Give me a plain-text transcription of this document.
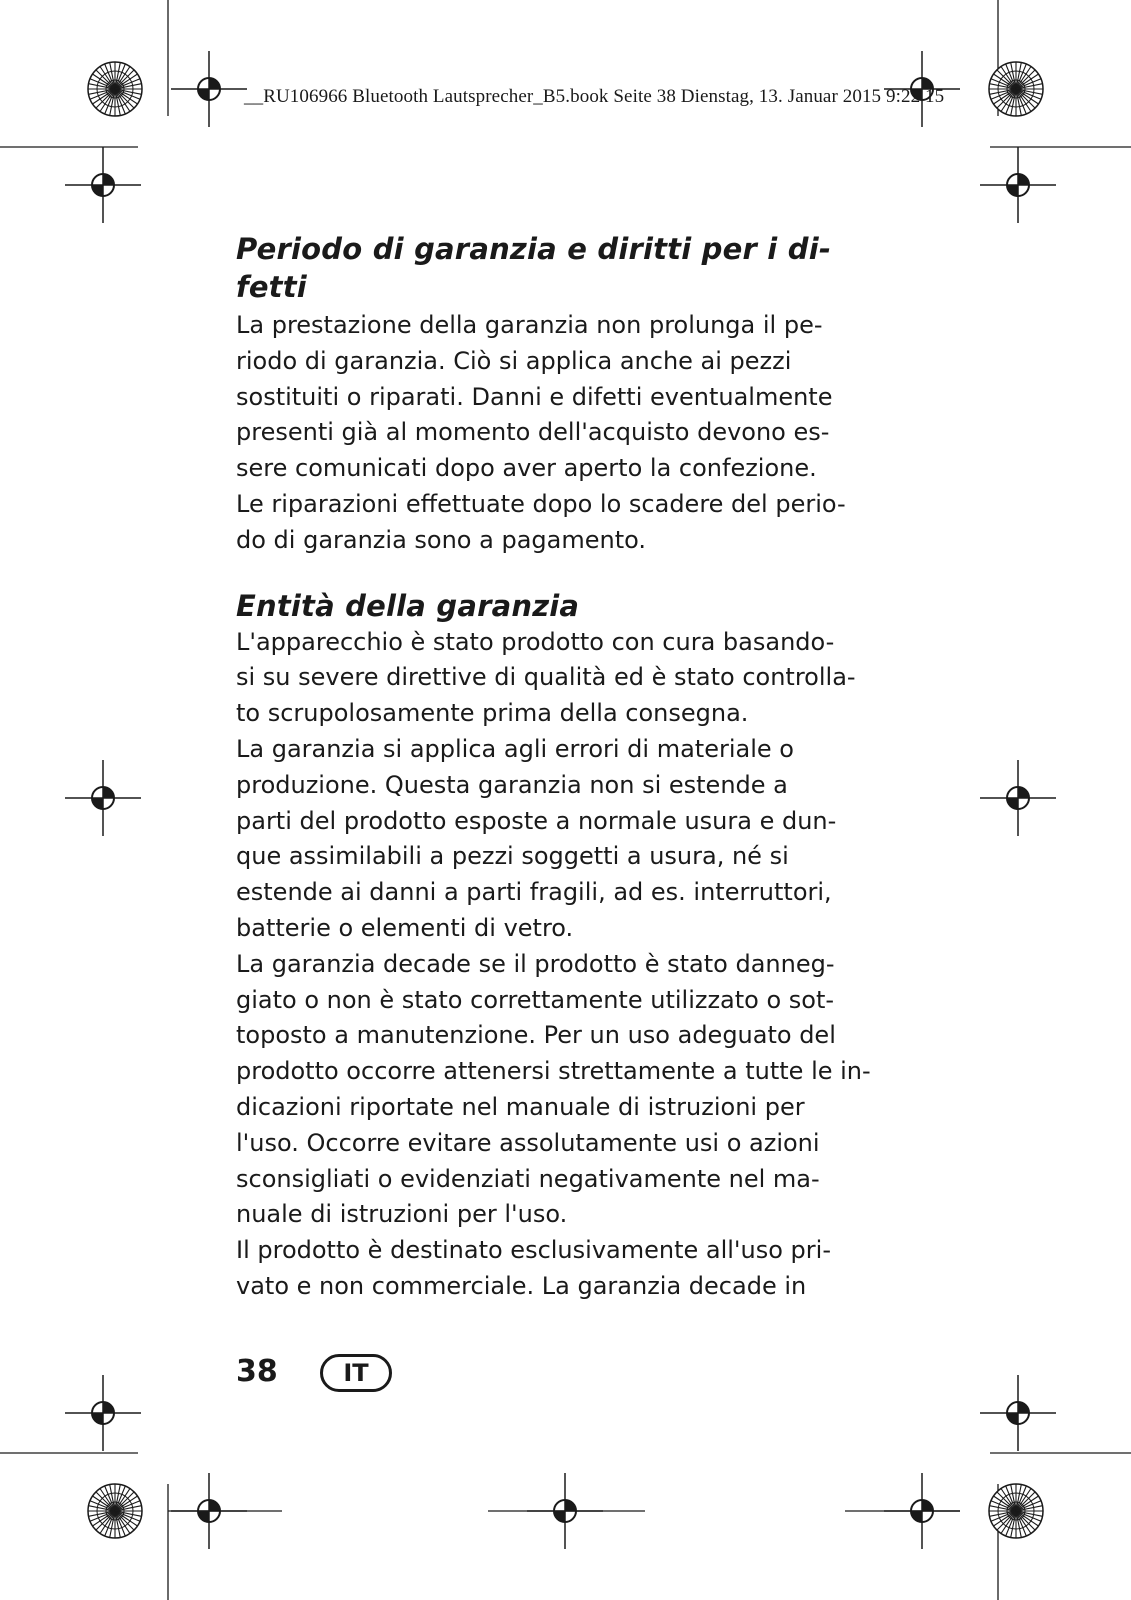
__RU106966 Bluetooth Lautsprecher_B5.book Seite 38 Dienstag, 13. Januar 2015 9:22 15
Periodo di garanzia e diritti per i di-
fetti

La prestazione della garanzia non prolunga il pe-
riodo di garanzia. Ciò si applica anche ai pezzi
sostituiti o riparati. Danni e difetti eventualmente
presenti già al momento dell'acquisto devono es-
sere comunicati dopo aver aperto la confezione.
Le riparazioni effettuate dopo lo scadere del perio-
do di garanzia sono a pagamento.

Entità della garanzia

L'apparecchio è stato prodotto con cura basando-
si su severe direttive di qualità ed è stato controlla-
to scrupolosamente prima della consegna.
La garanzia si applica agli errori di materiale o
produzione. Questa garanzia non si estende a
parti del prodotto esposte a normale usura e dun-
que assimilabili a pezzi soggetti a usura, né si
estende ai danni a parti fragili, ad es. interruttori,
batterie o elementi di vetro.
La garanzia decade se il prodotto è stato danneg-
giato o non è stato correttamente utilizzato o sot-
toposto a manutenzione. Per un uso adeguato del
prodotto occorre attenersi strettamente a tutte le in-
dicazioni riportate nel manuale di istruzioni per
l'uso. Occorre evitare assolutamente usi o azioni
sconsigliati o evidenziati negativamente nel ma-
nuale di istruzioni per l'uso.
Il prodotto è destinato esclusivamente all'uso pri-
vato e non commerciale. La garanzia decade in

38	IT
